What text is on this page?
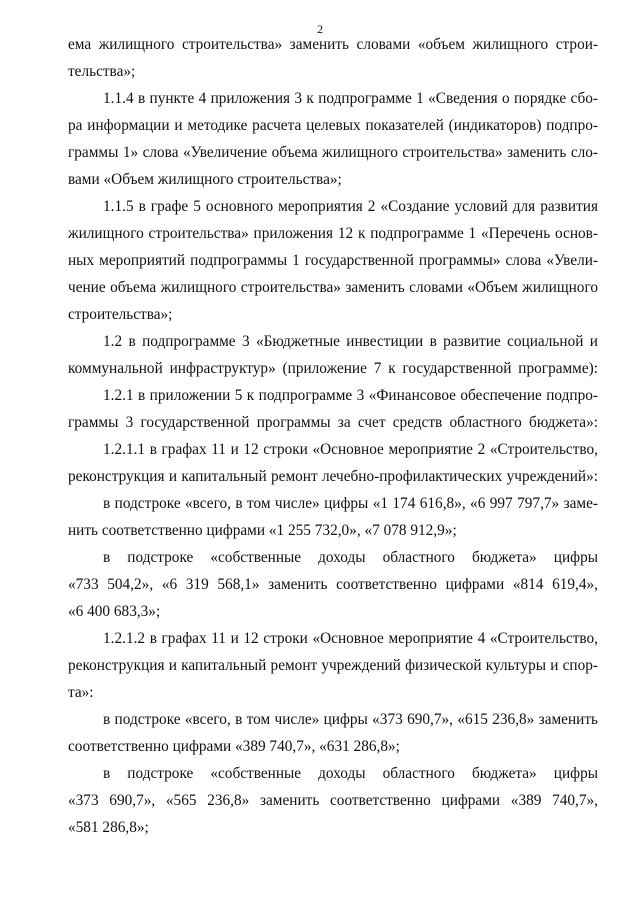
2
ема жилищного строительства» заменить словами «объем жилищного строи-
тельства»;
1.1.4 в пункте 4 приложения 3 к подпрограмме 1 «Сведения о порядке сбо-
ра информации и методике расчета целевых показателей (индикаторов) подпро-
граммы 1» слова «Увеличение объема жилищного строительства» заменить сло-
вами «Объем жилищного строительства»;
1.1.5 в графе 5 основного мероприятия 2 «Создание условий для развития
жилищного строительства» приложения 12 к подпрограмме 1 «Перечень основ-
ных мероприятий подпрограммы 1 государственной программы» слова «Увели-
чение объема жилищного строительства» заменить словами «Объем жилищного
строительства»;
1.2 в подпрограмме 3 «Бюджетные инвестиции в развитие социальной и
коммунальной инфраструктур» (приложение 7 к государственной программе):
1.2.1 в приложении 5 к подпрограмме 3 «Финансовое обеспечение подпро-
граммы 3 государственной программы за счет средств областного бюджета»:
1.2.1.1 в графах 11 и 12 строки «Основное мероприятие 2 «Строительство,
реконструкция и капитальный ремонт лечебно-профилактических учреждений»:
в подстроке «всего, в том числе» цифры «1 174 616,8», «6 997 797,7» заме-
нить соответственно цифрами «1 255 732,0», «7 078 912,9»;
в подстроке «собственные доходы областного бюджета» цифры
«733 504,2», «6 319 568,1» заменить соответственно цифрами «814 619,4»,
«6 400 683,3»;
1.2.1.2 в графах 11 и 12 строки «Основное мероприятие 4 «Строительство,
реконструкция и капитальный ремонт учреждений физической культуры и спор-
та»:
в подстроке «всего, в том числе» цифры «373 690,7», «615 236,8» заменить
соответственно цифрами «389 740,7», «631 286,8»;
в подстроке «собственные доходы областного бюджета» цифры
«373 690,7», «565 236,8» заменить соответственно цифрами «389 740,7»,
«581 286,8»;
